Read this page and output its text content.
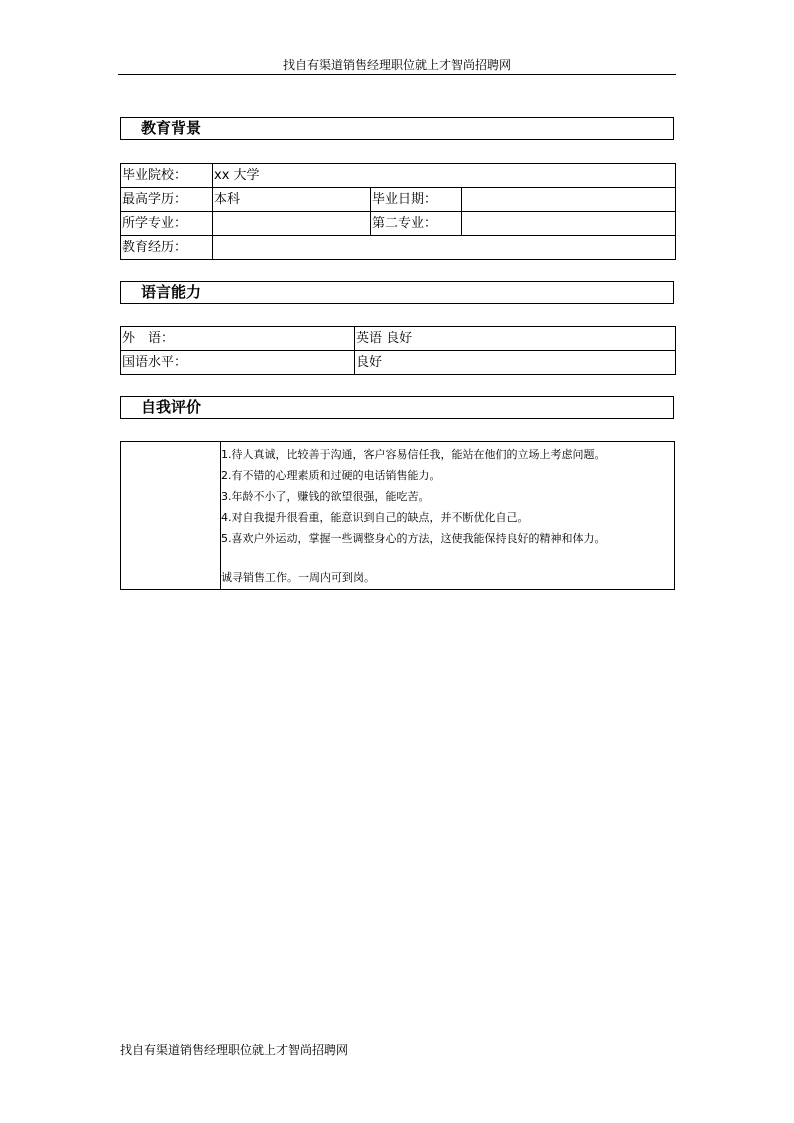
找自有渠道销售经理职位就上才智尚招聘网
教育背景
毕业院校：	xx 大学		
最高学历：	本科	毕业日期：	
所学专业：		第二专业：	
教育经历：			
语言能力
外　语：	英语 良好
国语水平：	良好
自我评价
1.待人真诚，比较善于沟通，客户容易信任我，能站在他们的立场上考虑问题。
2.有不错的心理素质和过硬的电话销售能力。
3.年龄不小了，赚钱的欲望很强，能吃苦。
4.对自我提升很看重，能意识到自己的缺点，并不断优化自己。
5.喜欢户外运动，掌握一些调整身心的方法，这使我能保持良好的精神和体力。
诚寻销售工作。一周内可到岗。
找自有渠道销售经理职位就上才智尚招聘网
